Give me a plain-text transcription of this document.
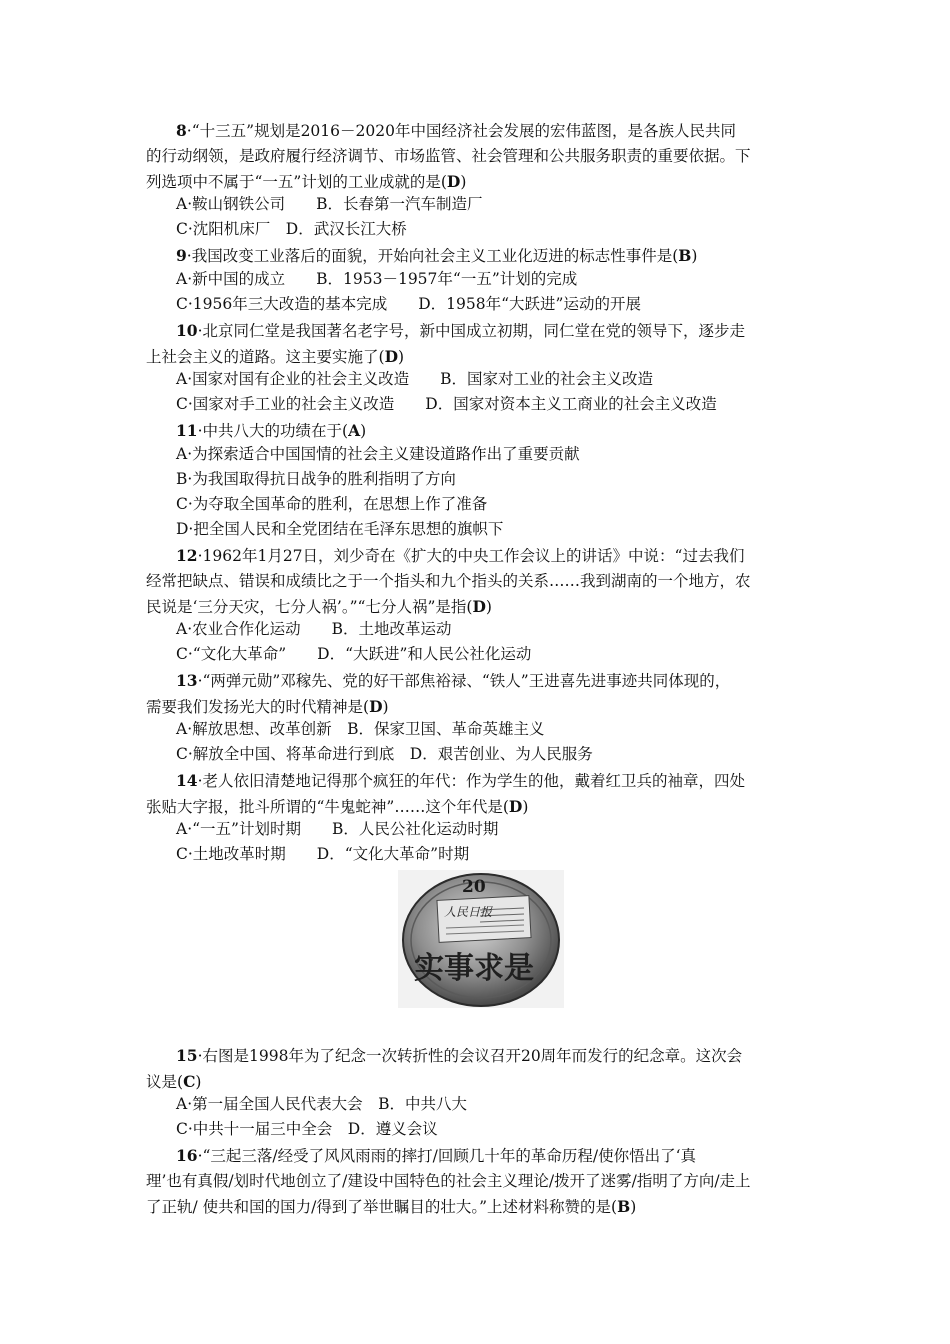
8·“十三五”规划是2016－2020年中国经济社会发展的宏伟蓝图，是各族人民共同

的行动纲领，是政府履行经济调节、市场监管、社会管理和公共服务职责的重要依据。下

列选项中不属于“一五”计划的工业成就的是(D)

A·鞍山钢铁公司　　B．长春第一汽车制造厂
C·沈阳机床厂　D．武汉长江大桥

9·我国改变工业落后的面貌，开始向社会主义工业化迈进的标志性事件是(B)

A·新中国的成立　　B．1953－1957年“一五”计划的完成
C·1956年三大改造的基本完成　　D．1958年“大跃进”运动的开展

10·北京同仁堂是我国著名老字号，新中国成立初期，同仁堂在党的领导下，逐步走

上社会主义的道路。这主要实施了(D)

A·国家对国有企业的社会主义改造　　B．国家对工业的社会主义改造
C·国家对手工业的社会主义改造　　D．国家对资本主义工商业的社会主义改造

11·中共八大的功绩在于(A)

A·为探索适合中国国情的社会主义建设道路作出了重要贡献
B·为我国取得抗日战争的胜利指明了方向
C·为夺取全国革命的胜利，在思想上作了准备
D·把全国人民和全党团结在毛泽东思想的旗帜下

12·1962年1月27日，刘少奇在《扩大的中央工作会议上的讲话》中说：“过去我们

经常把缺点、错误和成绩比之于一个指头和九个指头的关系……我到湖南的一个地方，农

民说是‘三分天灾，七分人祸’。”“七分人祸”是指(D)

A·农业合作化运动　　B．土地改革运动
C·“文化大革命”　　D．“大跃进”和人民公社化运动

13·“两弹元勋”邓稼先、党的好干部焦裕禄、“铁人”王进喜先进事迹共同体现的，

需要我们发扬光大的时代精神是(D)

A·解放思想、改革创新　B．保家卫国、革命英雄主义
C·解放全中国、将革命进行到底　D．艰苦创业、为人民服务

14·老人依旧清楚地记得那个疯狂的年代：作为学生的他，戴着红卫兵的袖章，四处

张贴大字报，批斗所谓的“牛鬼蛇神”……这个年代是(D)

A·“一五”计划时期　　B．人民公社化运动时期
C·土地改革时期　　D．“文化大革命”时期
20
人民日报
实事求是

15·右图是1998年为了纪念一次转折性的会议召开20周年而发行的纪念章。这次会

议是(C)

A·第一届全国人民代表大会　B．中共八大
C·中共十一届三中全会　D．遵义会议

16·“三起三落/经受了风风雨雨的摔打/回顾几十年的革命历程/使你悟出了‘真

理’也有真假/划时代地创立了/建设中国特色的社会主义理论/拨开了迷雾/指明了方向/走上

了正轨/ 使共和国的国力/得到了举世瞩目的壮大。”上述材料称赞的是(B)
